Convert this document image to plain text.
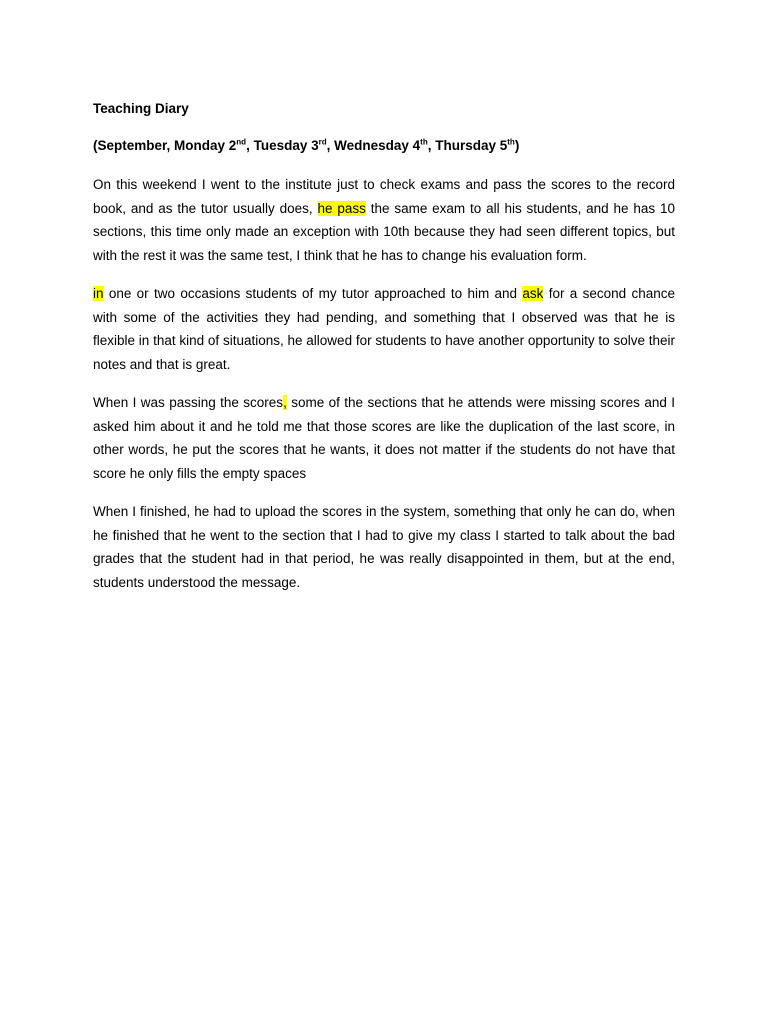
Teaching Diary
(September, Monday 2nd, Tuesday 3rd, Wednesday 4th, Thursday 5th)

On this weekend I went to the institute just to check exams and pass the scores to the record book, and as the tutor usually does, he pass the same exam to all his students, and he has 10 sections, this time only made an exception with 10th because they had seen different topics, but with the rest it was the same test, I think that he has to change his evaluation form.

in one or two occasions students of my tutor approached to him and ask for a second chance with some of the activities they had pending, and something that I observed was that he is flexible in that kind of situations, he allowed for students to have another opportunity to solve their notes and that is great.

When I was passing the scores, some of the sections that he attends were missing scores and I asked him about it and he told me that those scores are like the duplication of the last score, in other words, he put the scores that he wants, it does not matter if the students do not have that score he only fills the empty spaces

When I finished, he had to upload the scores in the system, something that only he can do, when he finished that he went to the section that I had to give my class I started to talk about the bad grades that the student had in that period, he was really disappointed in them, but at the end, students understood the message.
